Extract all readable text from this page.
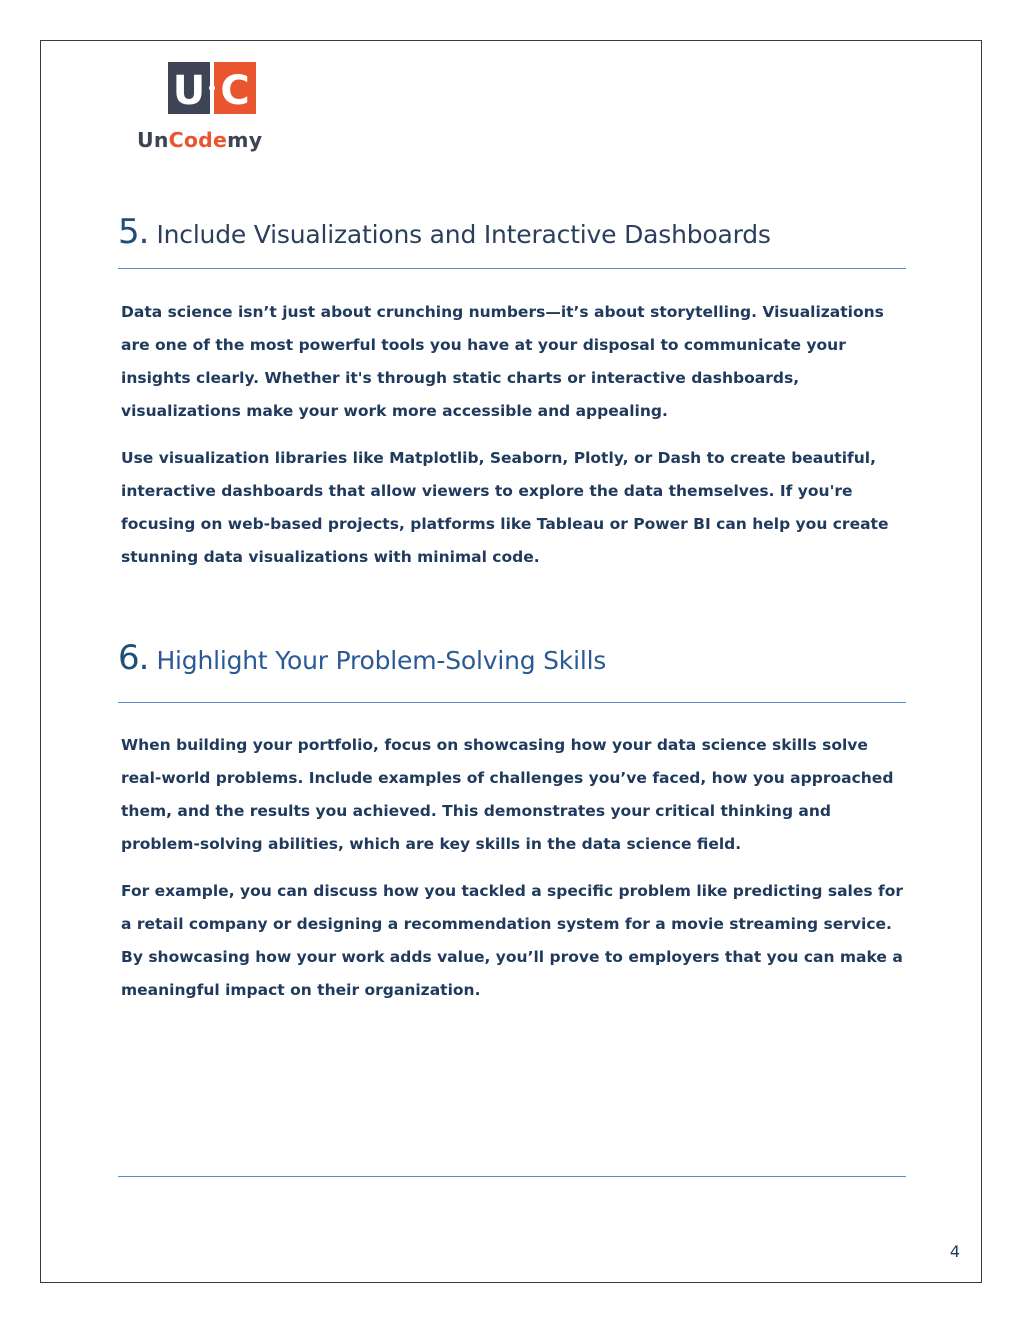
U C
UnCodemy
5. Include Visualizations and Interactive Dashboards

Data science isn’t just about crunching numbers—it’s about storytelling. Visualizations
are one of the most powerful tools you have at your disposal to communicate your
insights clearly. Whether it's through static charts or interactive dashboards,
visualizations make your work more accessible and appealing.

Use visualization libraries like Matplotlib, Seaborn, Plotly, or Dash to create beautiful,
interactive dashboards that allow viewers to explore the data themselves. If you're
focusing on web-based projects, platforms like Tableau or Power BI can help you create
stunning data visualizations with minimal code.

6. Highlight Your Problem-Solving Skills

When building your portfolio, focus on showcasing how your data science skills solve
real-world problems. Include examples of challenges you’ve faced, how you approached
them, and the results you achieved. This demonstrates your critical thinking and
problem-solving abilities, which are key skills in the data science field.

For example, you can discuss how you tackled a specific problem like predicting sales for
a retail company or designing a recommendation system for a movie streaming service.
By showcasing how your work adds value, you’ll prove to employers that you can make a
meaningful impact on their organization.

4
